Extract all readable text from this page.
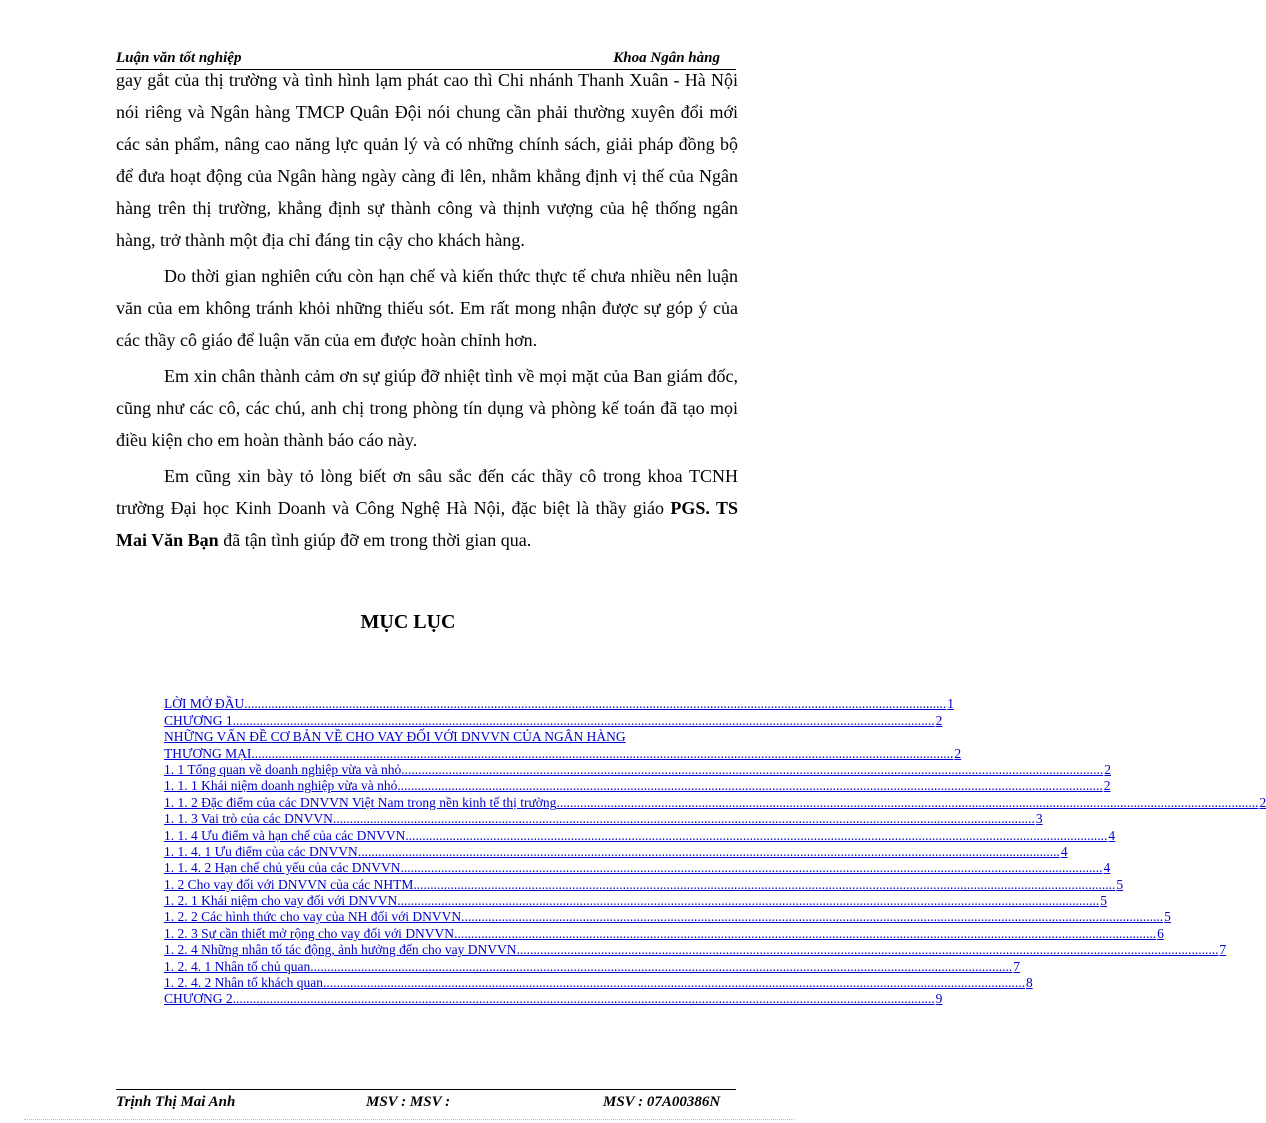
Luận văn tốt nghiệp	Khoa Ngân hàng

gay gắt của thị trường và tình hình lạm phát cao thì Chi nhánh Thanh Xuân - Hà Nội nói riêng và Ngân hàng TMCP Quân Đội nói chung cần phải thường xuyên đổi mới các sản phẩm, nâng cao năng lực quản lý và có những chính sách, giải pháp đồng bộ để đưa hoạt động của Ngân hàng ngày càng đi lên, nhằm khẳng định vị thế của Ngân hàng trên thị trường, khẳng định sự thành công và thịnh vượng của hệ thống ngân hàng, trở thành một địa chỉ đáng tin cậy cho khách hàng.

Do thời gian nghiên cứu còn hạn chế và kiến thức thực tế chưa nhiều nên luận văn của em không tránh khỏi những thiếu sót. Em rất mong nhận được sự góp ý của các thầy cô giáo để luận văn của em được hoàn chỉnh hơn.

Em xin chân thành cảm ơn sự giúp đỡ nhiệt tình về mọi mặt của Ban giám đốc, cũng như các cô, các chú, anh chị trong phòng tín dụng và phòng kế toán đã tạo mọi điều kiện cho em hoàn thành báo cáo này.

Em cũng xin bày tỏ lòng biết ơn sâu sắc đến các thầy cô trong khoa TCNH trường Đại học Kinh Doanh và Công Nghệ Hà Nội, đặc biệt là thầy giáo PGS. TS Mai Văn Bạn đã tận tình giúp đỡ em trong thời gian qua.

MỤC LỤC
LỜI MỞ ĐẦU .....	1
CHƯƠNG 1 .....	2
NHỮNG VẤN ĐỀ CƠ BẢN VỀ CHO VAY ĐỐI VỚI DNVVN CỦA NGÂN HÀNG
THƯƠNG MẠI .....	2
1. 1 Tổng quan về doanh nghiệp vừa và nhỏ .....	2
1. 1. 1 Khái niệm doanh nghiệp vừa và nhỏ. .....	2
1. 1. 2 Đặc điểm của các DNVVN Việt Nam trong nền kinh tế thị trường .....	2
1. 1. 3 Vai trò của các DNVVN .....	3
1. 1. 4 Ưu điểm và hạn chế của các DNVVN .....	4
1. 1. 4. 1 Ưu điểm của các DNVVN .....	4
1. 1. 4. 2 Hạn chế chủ yếu của các DNVVN .....	4
1. 2 Cho vay đối với DNVVN của các NHTM .....	5
1. 2. 1 Khái niệm cho vay đối với DNVVN .....	5
1. 2. 2 Các hình thức cho vay của NH đối với DNVVN .....	5
1. 2. 3 Sự cần thiết mở rộng cho vay đối với DNVVN .....	6
1. 2. 4 Những nhân tố tác động, ảnh hưởng đến cho vay DNVVN .....	7
1. 2. 4. 1 Nhân tố chủ quan .....	7
1. 2. 4. 2 Nhân tố khách quan .....	8
CHƯƠNG 2 .....	9
Trịnh Thị Mai Anh	MSV : MSV :	MSV : 07A00386N
